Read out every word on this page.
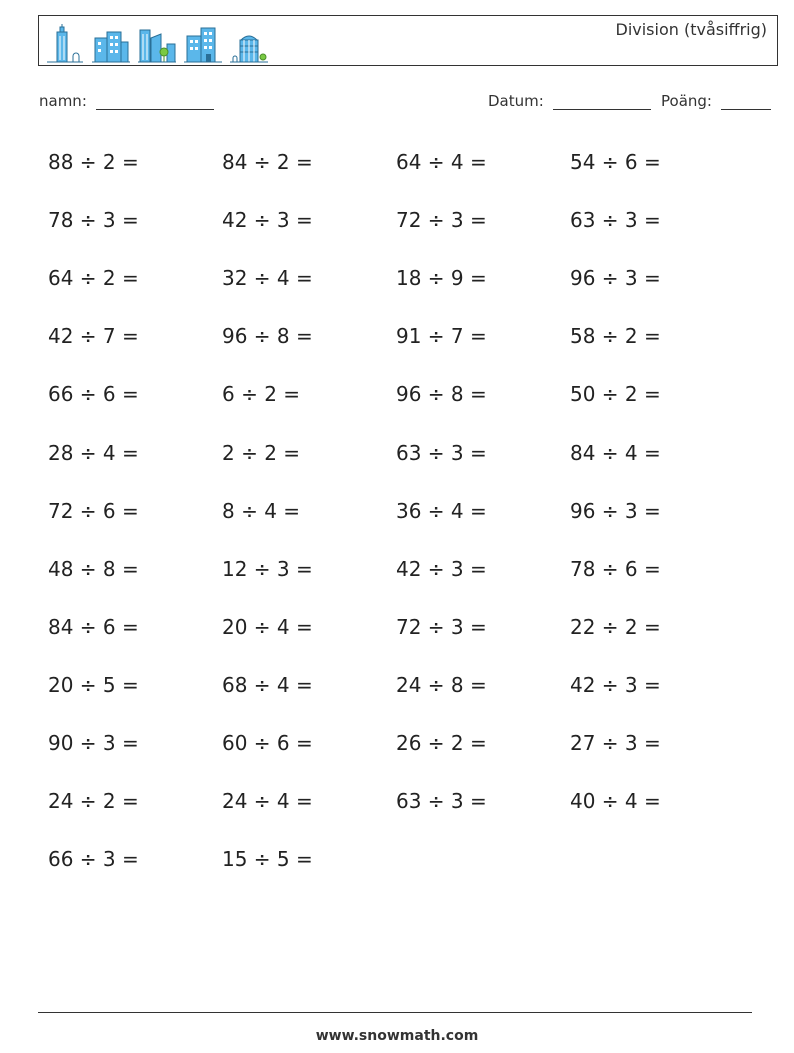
Division (tvåsiffrig)
namn:	Datum:	Poäng:
88 ÷ 2 =
78 ÷ 3 =
64 ÷ 2 =
42 ÷ 7 =
66 ÷ 6 =
28 ÷ 4 =
72 ÷ 6 =
48 ÷ 8 =
84 ÷ 6 =
20 ÷ 5 =
90 ÷ 3 =
24 ÷ 2 =
66 ÷ 3 =
84 ÷ 2 =
42 ÷ 3 =
32 ÷ 4 =
96 ÷ 8 =
6 ÷ 2 =
2 ÷ 2 =
8 ÷ 4 =
12 ÷ 3 =
20 ÷ 4 =
68 ÷ 4 =
60 ÷ 6 =
24 ÷ 4 =
15 ÷ 5 =
64 ÷ 4 =
72 ÷ 3 =
18 ÷ 9 =
91 ÷ 7 =
96 ÷ 8 =
63 ÷ 3 =
36 ÷ 4 =
42 ÷ 3 =
72 ÷ 3 =
24 ÷ 8 =
26 ÷ 2 =
63 ÷ 3 =
54 ÷ 6 =
63 ÷ 3 =
96 ÷ 3 =
58 ÷ 2 =
50 ÷ 2 =
84 ÷ 4 =
96 ÷ 3 =
78 ÷ 6 =
22 ÷ 2 =
42 ÷ 3 =
27 ÷ 3 =
40 ÷ 4 =
www.snowmath.com
